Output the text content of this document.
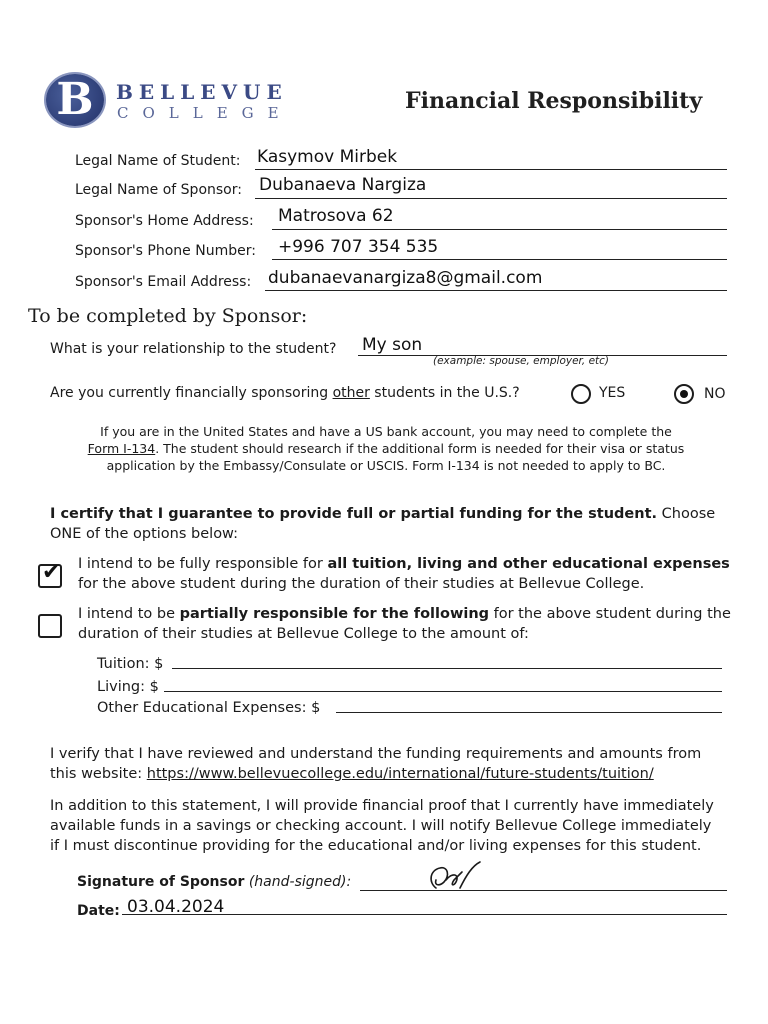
B	BELLEVUE
COLLEGE	Financial Responsibility
Legal Name of Student: Kasymov Mirbek
Legal Name of Sponsor: Dubanaeva Nargiza
Sponsor's Home Address: Matrosova 62
Sponsor's Phone Number: +996 707 354 535
Sponsor's Email Address: dubanaevanargiza8@gmail.com
To be completed by Sponsor:
What is your relationship to the student? My son
(example: spouse, employer, etc)
Are you currently financially sponsoring other students in the U.S.?	YES	NO
If you are in the United States and have a US bank account, you may need to complete the
Form I-134. The student should research if the additional form is needed for their visa or status
application by the Embassy/Consulate or USCIS. Form I-134 is not needed to apply to BC.
I certify that I guarantee to provide full or partial funding for the student. Choose ONE of the options below:
✔ I intend to be fully responsible for all tuition, living and other educational expenses
for the above student during the duration of their studies at Bellevue College.
I intend to be partially responsible for the following for the above student during the
duration of their studies at Bellevue College to the amount of:
Tuition: $
Living: $
Other Educational Expenses: $
I verify that I have reviewed and understand the funding requirements and amounts from
this website: https://www.bellevuecollege.edu/international/future-students/tuition/
In addition to this statement, I will provide financial proof that I currently have immediately
available funds in a savings or checking account. I will notify Bellevue College immediately
if I must discontinue providing for the educational and/or living expenses for this student.
Signature of Sponsor (hand-signed):
Date: 03.04.2024
